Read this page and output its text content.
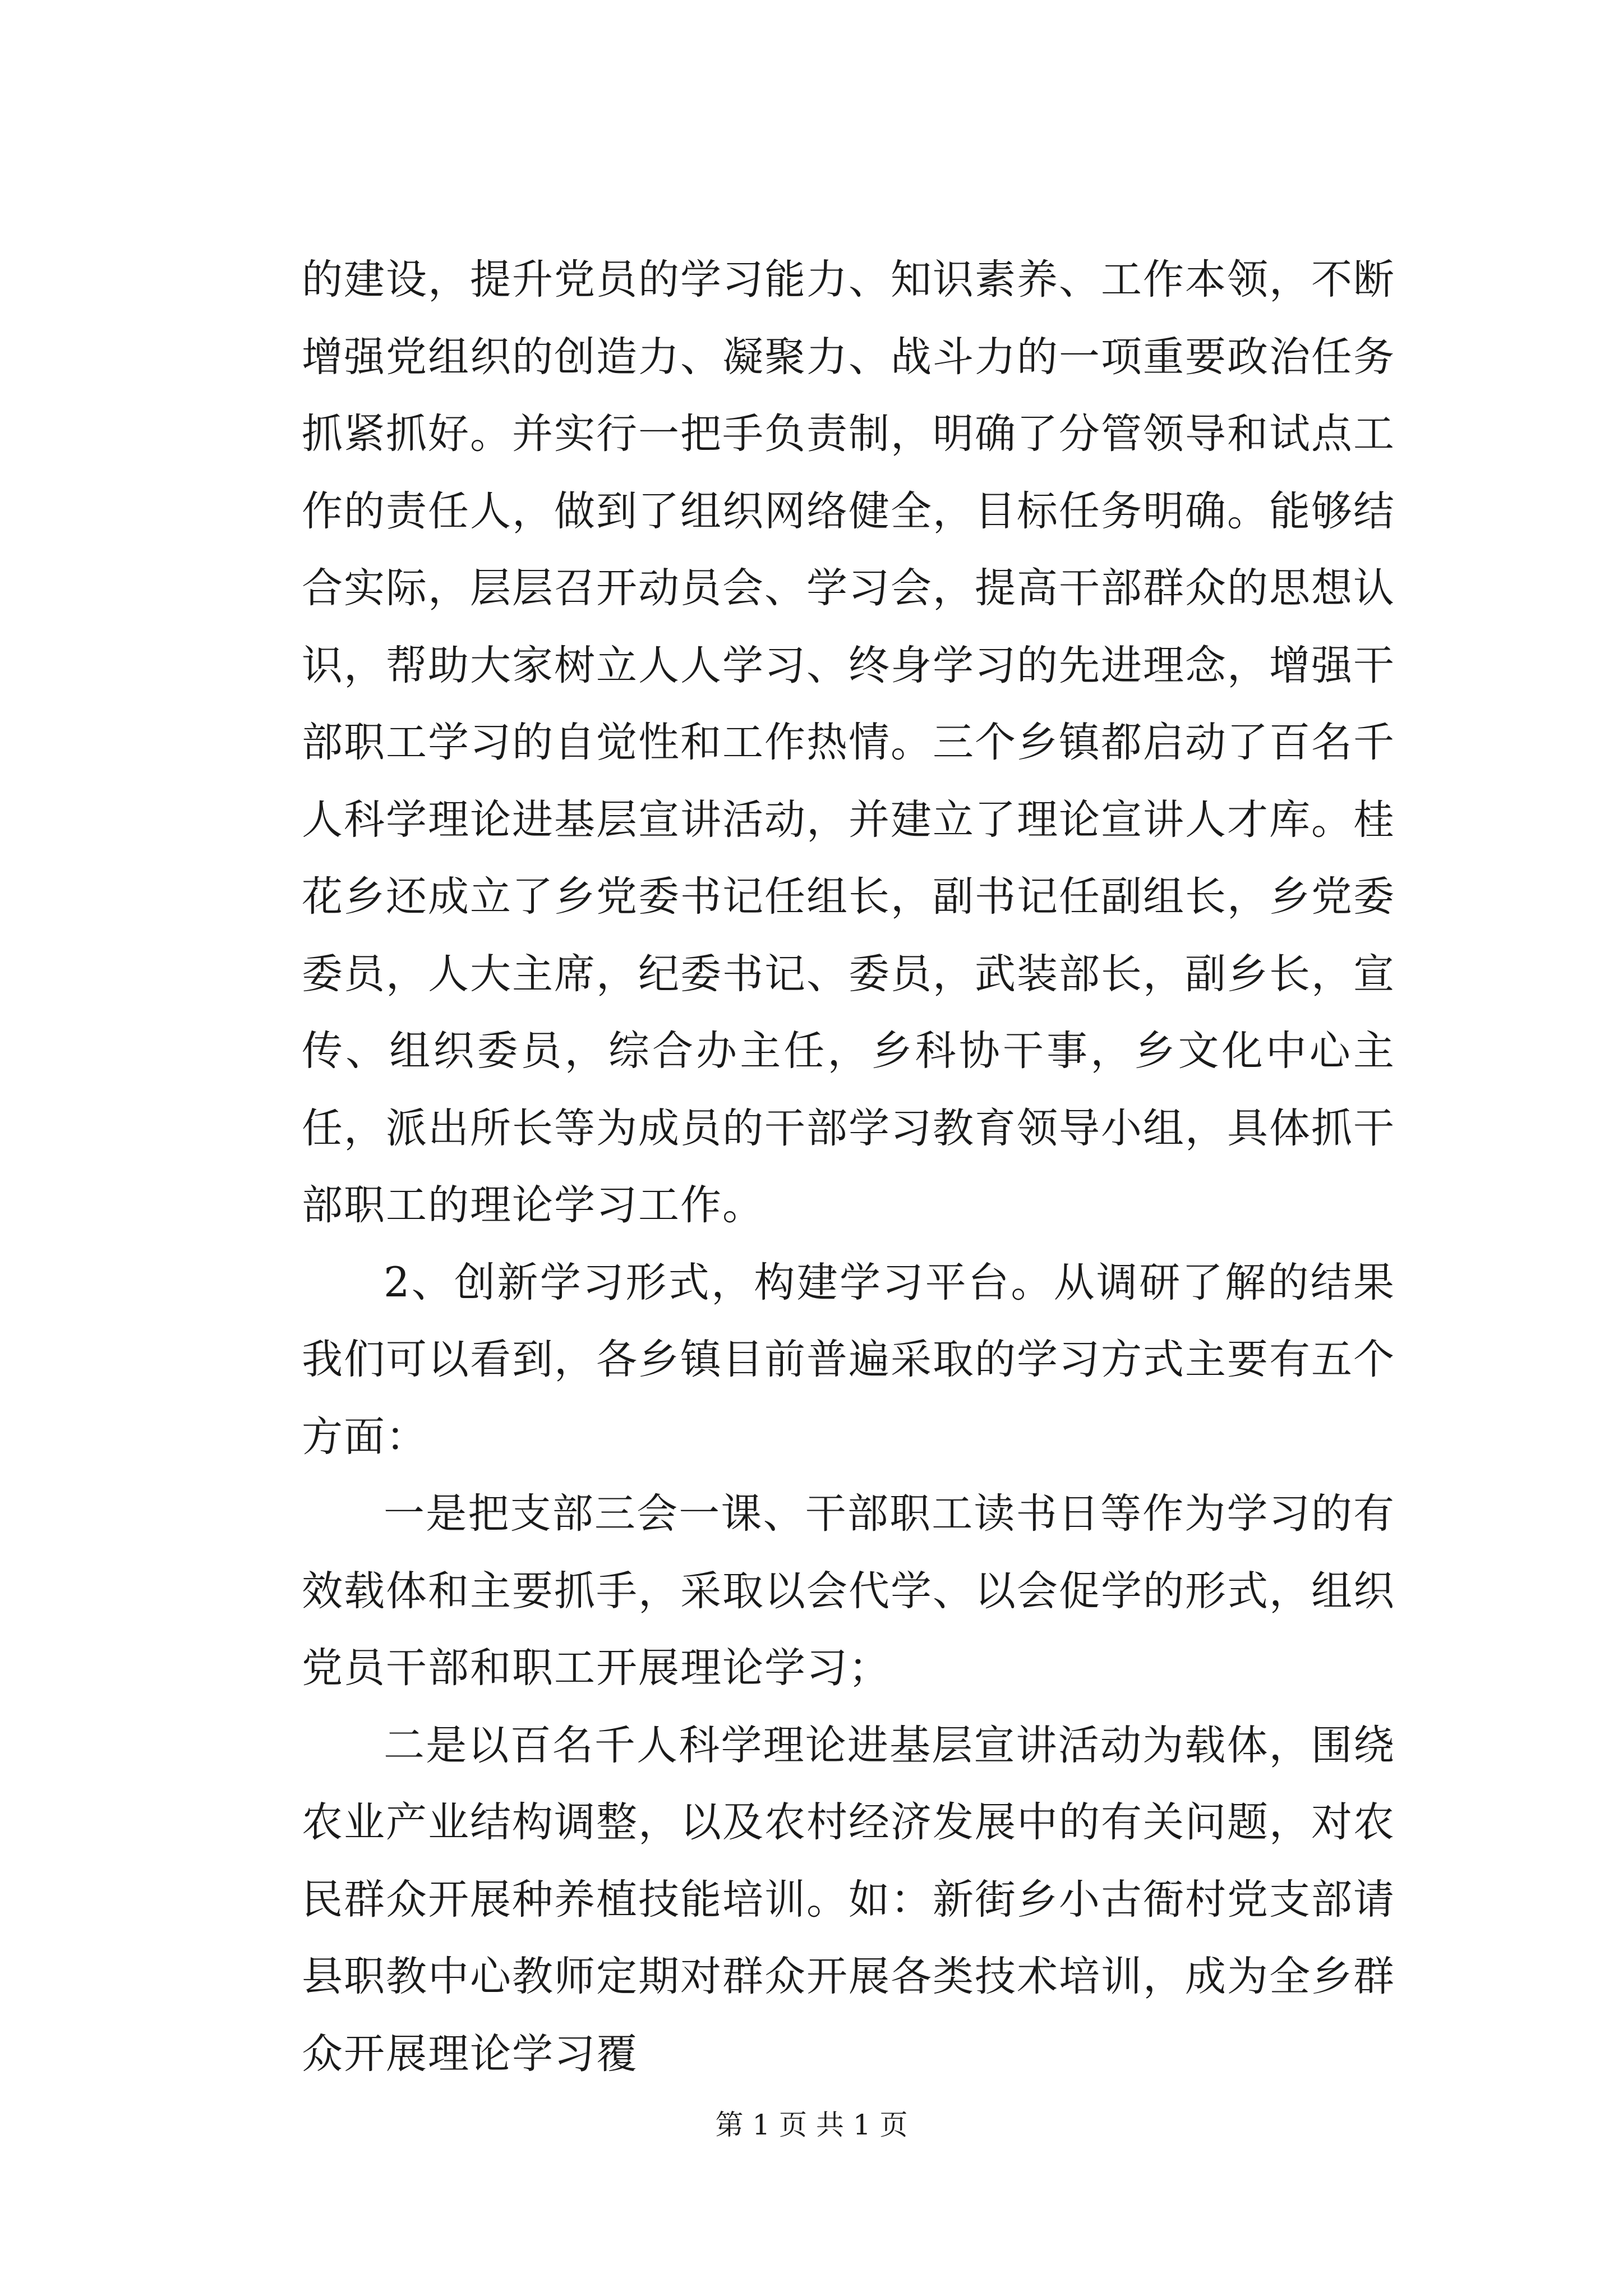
的建设，提升党员的学习能力、知识素养、工作本领，不断增强党组织的创造力、凝聚力、战斗力的一项重要政治任务抓紧抓好。并实行一把手负责制，明确了分管领导和试点工作的责任人，做到了组织网络健全，目标任务明确。能够结合实际，层层召开动员会、学习会，提高干部群众的思想认识，帮助大家树立人人学习、终身学习的先进理念，增强干部职工学习的自觉性和工作热情。三个乡镇都启动了百名千人科学理论进基层宣讲活动，并建立了理论宣讲人才库。桂花乡还成立了乡党委书记任组长，副书记任副组长，乡党委委员，人大主席，纪委书记、委员，武装部长，副乡长，宣传、组织委员，综合办主任，乡科协干事，乡文化中心主任，派出所长等为成员的干部学习教育领导小组，具体抓干部职工的理论学习工作。

2、创新学习形式，构建学习平台。从调研了解的结果我们可以看到，各乡镇目前普遍采取的学习方式主要有五个方面：

一是把支部三会一课、干部职工读书日等作为学习的有效载体和主要抓手，采取以会代学、以会促学的形式，组织党员干部和职工开展理论学习；

二是以百名千人科学理论进基层宣讲活动为载体，围绕农业产业结构调整，以及农村经济发展中的有关问题，对农民群众开展种养植技能培训。如：新街乡小古衙村党支部请县职教中心教师定期对群众开展各类技术培训，成为全乡群众开展理论学习覆

第 1 页 共 1 页
